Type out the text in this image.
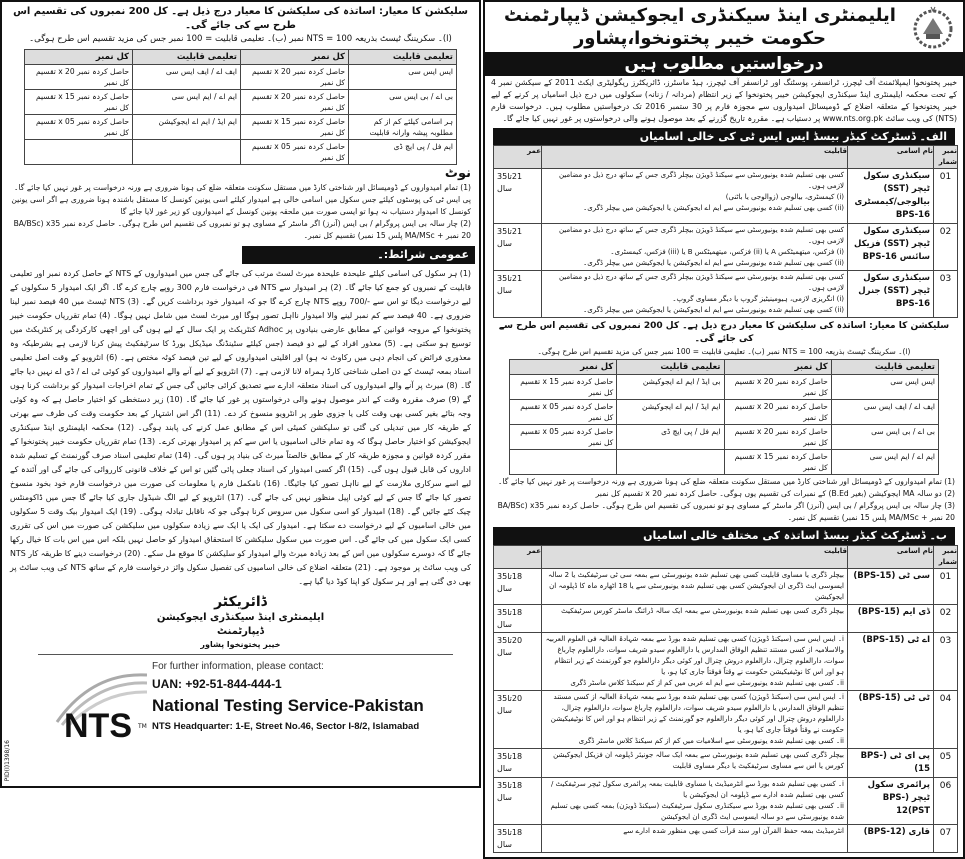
سلیکشن کا معیار: اساتذہ کی سلیکشن کا معیار درج ذیل ہے۔ کل 200 نمبروں کی تقسیم اس طرح سے کی جائے گی۔
(ا)۔ سکریننگ ٹیسٹ بذریعہ NTS = 100 نمبر (ب)۔ تعلیمی قابلیت = 100 نمبر جس کی مزید تقسیم اس طرح ہوگی۔
تعلیمی قابلیت	کل نمبر	تعلیمی قابلیت	کل نمبر
ایس ایس سی	حاصل کردہ نمبر x 20 تقسیم کل نمبر	ایف اے / ایف ایس سی	حاصل کردہ نمبر x 20 تقسیم کل نمبر
بی اے / بی ایس سی	حاصل کردہ نمبر x 20 تقسیم کل نمبر	ایم اے / ایم ایس سی	حاصل کردہ نمبر x 15 تقسیم کل نمبر
ہر اسامی کیلئے کم از کم مطلوبہ پیشہ وارانہ قابلیت	حاصل کردہ نمبر x 15 تقسیم کل نمبر	ایم ایڈ / ایم اے ایجوکیشن	حاصل کردہ نمبر x 05 تقسیم کل نمبر
ایم فل / پی ایچ ڈی	حاصل کردہ نمبر x 05 تقسیم کل نمبر		
نوٹ

(1) تمام امیدواروں کے ڈومیسائل اور شناختی کارڈ میں مستقل سکونت متعلقہ ضلع کی ہونا ضروری ہے ورنہ درخواست پر غور نہیں کیا جائے گا۔ پی ایس ٹی کی پوسٹوں کیلئے جس سکول میں اسامی خالی ہے امیدوار کیلئے اسی یونین کونسل کا مستقل باشندہ ہونا ضروری ہے اگر اسی یونین کونسل کا امیدوار دستیاب نہ ہوا تو ایسی صورت میں ملحقہ یونین کونسل کے امیدواروں کو زیر غور لایا جائے گا

(2) چار سالہ بی ایس پروگرام / بی ایس (آنرز) اگر ماسٹر کے مساوی ہو تو نمبروں کی تقسیم اس طرح ہوگی۔ حاصل کردہ نمبر x35 (BA/BSc 20 نمبر + MA/MSc پلس 15 نمبر) تقسیم کل نمبر۔

عمومی شرائط:۔

(1) ہر سکول کی اسامی کیلئے علیحدہ علیحدہ میرٹ لسٹ مرتب کی جائے گی جس میں امیدواروں کے NTS کے حاصل کردہ نمبر اور تعلیمی قابلیت کے نمبروں کو جمع کیا جائے گا۔ (2) ہر امیدوار سے NTS فی درخواست فارم 300 روپے چارج کرے گا۔ اگر ایک امیدوار 5 سکولوں کے لیے درخواست دیگا تو اس سے -/700 روپے NTS چارج کرے گا جو کہ امیدوار خود برداشت کریں گے۔ (3) NTS ٹیسٹ میں 40 فیصد نمبر لینا ضروری ہے۔ 40 فیصد سے کم نمبر لینے والا امیدوار نااہل تصور ہوگا اور میرٹ لسٹ میں شامل نہیں ہوگا۔ (4) تمام تقرریاں حکومت خیبر پختونخوا کے مروجہ قوانین کے مطابق عارضی بنیادوں پر Adhoc کنٹریکٹ پر ایک سال کے لیے ہوں گی اور اچھی کارکردگی پر کنٹریکٹ میں توسیع ہو سکتی ہے۔ (5) معذور افراد کے لیے دو فیصد (جس کیلئے سٹینڈنگ میڈیکل بورڈ کا سرٹیفکیٹ پیش کرنا لازمی ہے بشرطیکہ وہ معذوری فرائض کی انجام دہی میں رکاوٹ نہ ہو) اور اقلیتی امیدواروں کے لیے تین فیصد کوٹہ مختص ہے۔ (6) انٹرویو کے وقت اصل تعلیمی اسناد بمعہ ٹیسٹ کے دن اصلی شناختی کارڈ ہمراہ لانا لازمی ہے۔ (7) انٹرویو کے لیے آنے والے امیدواروں کو کوئی ٹی اے / ڈی اے نہیں دیا جائے گا۔ (8) میرٹ پر آنے والے امیدواروں کی اسناد متعلقہ ادارے سے تصدیق کرائی جائیں گی جس کے تمام اخراجات امیدوار کو برداشت کرنا ہوں گے (9) صرف مقررہ وقت کے اندر موصول ہونے والی درخواستوں پر غور کیا جائے گا۔ (10) زیر دستخطی کو اختیار حاصل ہے کہ وہ کوئی وجہ بتائے بغیر کسی بھی وقت کلی یا جزوی طور پر انٹرویو منسوخ کر دے۔ (11) اگر اس اشتہار کے بعد حکومت وقت کی طرف سے بھرتی کے طریقہ کار میں تبدیلی کی گئی تو سلیکشن کمیٹی اس کے مطابق عمل کرنے کی پابند ہوگی۔ (12) محکمہ ایلیمنٹری اینڈ سیکنڈری ایجوکیشن کو اختیار حاصل ہوگا کہ وہ تمام خالی اسامیوں یا اس سے کم پر امیدوار بھرتی کرے۔ (13) تمام تقرریاں حکومت خیبر پختونخوا کے مقرر کردہ قوانین و مجوزہ طریقہ کار کے مطابق خالصتاً میرٹ کی بنیاد پر ہوں گی۔ (14) تمام تعلیمی اسناد صرف گورنمنٹ کے تسلیم شدہ اداروں کی قابل قبول ہوں گی۔ (15) اگر کسی امیدوار کی اسناد جعلی پائی گئیں تو اس کے خلاف قانونی کارروائی کی جائے گی اور آئندہ کے لیے اسے سرکاری ملازمت کے لیے نااہل تصور کیا جائیگا۔ (16) نامکمل فارم یا معلومات کی صورت میں درخواست فارم خود بخود منسوخ تصور کیا جائے گا جس کے لیے کوئی اپیل منظور نہیں کی جائے گی۔ (17) انٹرویو کے لیے الگ شیڈول جاری کیا جائے گا جس میں ڈاکومنٹس چیک کئے جائیں گے۔ (18) امیدوار کو اسی سکول میں سروس کرنا ہوگی جو کہ ناقابل تبادلہ ہوگی۔ (19) ایک امیدوار بیک وقت 5 سکولوں میں خالی اسامیوں کے لیے درخواست دے سکتا ہے۔ امیدوار کی ایک یا ایک سے زیادہ سکولوں میں سلیکشن کی صورت میں اس کی تقرری کسی ایک سکول میں کی جائے گی۔ اس صورت میں سکول سلیکشن کا استحقاق امیدوار کو حاصل نہیں بلکہ اس میں اس بات کا خیال رکھا جائے گا کہ دوسرے سکولوں میں اس کے بعد زیادہ میرٹ والے امیدوار کو سلیکشن کا موقع مل سکے۔ (20) درخواست دینے کا طریقہ کار NTS کی ویب سائٹ پر موجود ہے۔ (21) متعلقہ اضلاع کی خالی اسامیوں کی تفصیل سکول وائز درخواست فارم کے ساتھ NTS کی ویب سائٹ پر بھی دی گئی ہے اور ہر سکول کو اپنا کوڈ دیا گیا ہے۔

ڈائریکٹر
ایلیمنٹری اینڈ سیکنڈری ایجوکیشن ڈیپارٹمنٹ
خیبر پختونخوا پشاور
NTS TM
For further information, please contact:
UAN: +92-51-844-444-1
National Testing Service-Pakistan
NTS Headquarter: 1-E, Street No.46, Sector I-8/2, Islamabad
PID(I)1398/16
ایلیمنٹری اینڈ سیکنڈری ایجوکیشن ڈیپارٹمنٹ
حکومت خیبر پختونخوا،پشاور
درخواستیں مطلوب ہیں

خیبر پختونخوا ایمپلائمنٹ آف ٹیچرز، ٹرانسفر، پوسٹنگ اور ٹرانسفر آف ٹیچرز، ہیڈ ماسٹرز، ڈائریکٹرز ریگولیٹری ایکٹ 2011 کے سیکشن نمبر 4 کے تحت محکمہ ایلیمنٹری اینڈ سیکنڈری ایجوکیشن خیبر پختونخوا کے زیر انتظام (مردانہ / زنانہ) سکولوں میں درج ذیل اسامیاں پر کرنے کے لیے خیبر پختونخوا کے متعلقہ اضلاع کے ڈومیسائل امیدواروں سے مجوزہ فارم پر 30 ستمبر 2016 تک درخواستیں مطلوب ہیں۔ درخواست فارم (NTS) کی ویب سائٹ www.nts.org.pk پر دستیاب ہے۔ مقررہ تاریخ گزرنے کے بعد موصول ہونے والی درخواستوں پر غور نہیں کیا جائے گا۔

الف۔ ڈسٹرکٹ کیڈر بیسڈ ایس ایس ٹی کی خالی اسامیاں
نمبر شمار	نام اسامی	قابلیت	عمر
01	سیکنڈری سکول ٹیچر (SST) بیالوجی/کیمسٹری BPS-16	کسی بھی تسلیم شدہ یونیورسٹی سے سیکنڈ ڈویژن بیچلر ڈگری جس کے ساتھ درج ذیل دو مضامین لازمی ہوں۔
(i) کیمسٹری، بیالوجی (زوالوجی یا باٹنی)
(ii) کسی بھی تسلیم شدہ یونیورسٹی سے ایم اے ایجوکیشن یا ایجوکیشن میں بیچلر ڈگری۔	21تا35 سال
02	سیکنڈری سکول ٹیچر (SST) فزیکل سائنس BPS-16	کسی بھی تسلیم شدہ یونیورسٹی سے سیکنڈ ڈویژن بیچلر ڈگری جس کے ساتھ درج ذیل دو مضامین لازمی ہوں۔
(i) فزکس، میتھمیٹکس A یا (ii) فزکس، میتھمیٹکس B یا (iii) فزکس، کیمسٹری۔
(ii) کسی بھی تسلیم شدہ یونیورسٹی سے ایم اے ایجوکیشن یا ایجوکیشن میں بیچلر ڈگری۔	21تا35 سال
03	سیکنڈری سکول ٹیچر (SST) جنرل BPS-16	کسی بھی تسلیم شدہ یونیورسٹی سے سیکنڈ ڈویژن بیچلر ڈگری جس کے ساتھ درج ذیل دو مضامین لازمی ہوں۔
(i) انگریزی لازمی، ہیومینیٹیز گروپ یا دیگر مساوی گروپ۔
(ii) کسی بھی تسلیم شدہ یونیورسٹی سے ایم اے ایجوکیشن یا ایجوکیشن میں بیچلر ڈگری۔	21تا35 سال
سلیکشن کا معیار: اساتذہ کی سلیکشن کا معیار درج ذیل ہے۔ کل 200 نمبروں کی تقسیم اس طرح سے کی جائے گی۔
(ا)۔ سکریننگ ٹیسٹ بذریعہ NTS = 100 نمبر (ب)۔ تعلیمی قابلیت = 100 نمبر جس کی مزید تقسیم اس طرح ہوگی۔
تعلیمی قابلیت	کل نمبر	تعلیمی قابلیت	کل نمبر
ایس ایس سی	حاصل کردہ نمبر x 20 تقسیم کل نمبر	بی ایڈ / ایم اے ایجوکیشن	حاصل کردہ نمبر x 15 تقسیم کل نمبر
ایف اے / ایف ایس سی	حاصل کردہ نمبر x 20 تقسیم کل نمبر	ایم ایڈ / ایم اے ایجوکیشن	حاصل کردہ نمبر x 05 تقسیم کل نمبر
بی اے / بی ایس سی	حاصل کردہ نمبر x 20 تقسیم کل نمبر	ایم فل / پی ایچ ڈی	حاصل کردہ نمبر x 05 تقسیم کل نمبر
ایم اے / ایم ایس سی	حاصل کردہ نمبر x 15 تقسیم کل نمبر		

(1) تمام امیدواروں کے ڈومیسائل اور شناختی کارڈ میں مستقل سکونت متعلقہ ضلع کی ہونا ضروری ہے ورنہ درخواست پر غور نہیں کیا جائے گا۔

(2) دو سالہ MA ایجوکیشن (بغیر B.Ed) کے نمبرات کی تقسیم یوں ہوگی۔ حاصل کردہ نمبر x 20 تقسیم کل نمبر

(3) چار سالہ بی ایس پروگرام / بی ایس (آنرز) اگر ماسٹر کے مساوی ہو تو نمبروں کی تقسیم اس طرح ہوگی۔ حاصل کردہ نمبر x35 (BA/BSc 20 نمبر + MA/MSc پلس 15 نمبر) تقسیم کل نمبر۔

ب۔ ڈسٹرکٹ کیڈر بیسڈ اساتذہ کی مختلف خالی اسامیاں
نمبر شمار	نام اسامی	قابلیت	عمر
01	سی ٹی (BPS-15)	بیچلر ڈگری یا مساوی قابلیت کسی بھی تسلیم شدہ یونیورسٹی سے بمعہ سی ٹی سرٹیفکیٹ یا 2 سالہ ایسوسی ایٹ ڈگری ان ایجوکیشن کسی بھی تسلیم شدہ یونیورسٹی سے یا 18 اٹھارہ ماہ کا ڈپلومہ ان ایجوکیشن	18تا35 سال
02	ڈی ایم (BPS-15)	بیچلر ڈگری کسی بھی تسلیم شدہ یونیورسٹی سے بمعہ ایک سالہ ڈرائنگ ماسٹر کورس سرٹیفکیٹ	18تا35 سال
03	اے ٹی (BPS-15)	i۔ ایس ایس سی (سیکنڈ ڈویژن) کسی بھی تسلیم شدہ بورڈ سے بمعہ شہادۃ العالیہ فی العلوم العربیہ والاسلامیہ از کسی مستند تنظیم الوفاق المدارس یا دارالعلوم سیدو شریف سوات، دارالعلوم چارباغ سوات، دارالعلوم چترال، دارالعلوم دروش چترال اور کوئی دیگر دارالعلوم جو گورنمنٹ کے زیر انتظام ہو اور اس کا نوٹیفیکیشن حکومت نے وقتاً فوقتاً جاری کیا ہو، یا
ii۔ کسی بھی تسلیم شدہ یونیورسٹی سے ایم اے عربی میں کم از کم سیکنڈ کلاس ماسٹر ڈگری	20تا35 سال
04	ٹی ٹی (BPS-15)	i۔ ایس ایس سی (سیکنڈ ڈویژن) کسی بھی تسلیم شدہ بورڈ سے بمعہ شہادۃ العالیہ از کسی مستند تنظیم الوفاق المدارس یا دارالعلوم سیدو شریف سوات، دارالعلوم چارباغ سوات، دارالعلوم چترال، دارالعلوم دروش چترال اور کوئی دیگر دارالعلوم جو گورنمنٹ کے زیر انتظام ہو اور اس کا نوٹیفیکیشن حکومت نے وقتاً فوقتاً جاری کیا ہو، یا
ii۔ کسی بھی تسلیم شدہ یونیورسٹی سے اسلامیات میں کم از کم سیکنڈ کلاس ماسٹر ڈگری	20تا35 سال
05	پی ای ٹی (BPS-15)	بیچلر ڈگری کسی بھی تسلیم شدہ یونیورسٹی سے بمعہ ایک سالہ جونیئر ڈپلومہ ان فزیکل ایجوکیشن کورس یا اس سے مساوی سرٹیفکیٹ یا دیگر مساوی قابلیت	18تا35 سال
06	پرائمری سکول ٹیچر (BPS-12(PST	i۔ کسی بھی تسلیم شدہ بورڈ سے انٹرمیڈیٹ یا مساوی قابلیت بمعہ پرائمری سکول ٹیچر سرٹیفکیٹ / کسی بھی تسلیم شدہ ادارے سے ڈپلومہ ان ایجوکیشن یا
ii۔ کسی بھی تسلیم شدہ بورڈ سے سیکنڈری سکول سرٹیفکیٹ (سیکنڈ ڈویژن) بمعہ کسی بھی تسلیم شدہ یونیورسٹی سے دو سالہ ایسوسی ایٹ ڈگری ان ایجوکیشن	18تا35 سال
07	قاری (BPS-12)	انٹرمیڈیٹ بمعہ حفظ القرآن اور سند قرأت کسی بھی منظور شدہ ادارے سے	18تا35 سال
